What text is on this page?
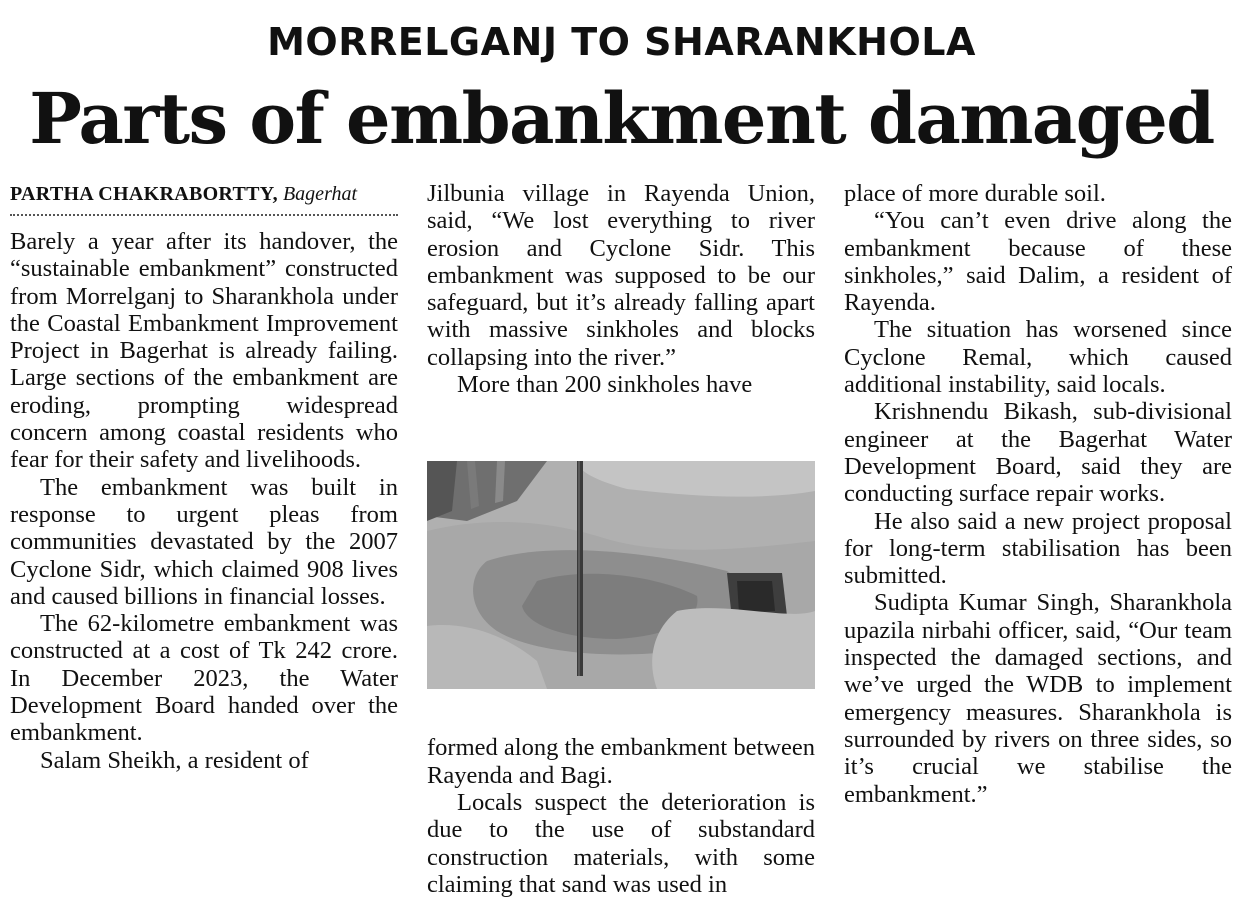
MORRELGANJ TO SHARANKHOLA
Parts of embankment damaged
PARTHA CHAKRABORTTY, Bagerhat

Barely a year after its handover, the “sustainable embankment” constructed from Morrelganj to Sharankhola under the Coastal Embankment Improvement Project in Bagerhat is already failing. Large sections of the embankment are eroding, prompting widespread concern among coastal residents who fear for their safety and livelihoods.

The embankment was built in response to urgent pleas from communities devastated by the 2007 Cyclone Sidr, which claimed 908 lives and caused billions in financial losses.

The 62-kilometre embankment was constructed at a cost of Tk 242 crore. In December 2023, the Water Development Board handed over the embankment.

Salam Sheikh, a resident of

Jilbunia village in Rayenda Union, said, “We lost everything to river erosion and Cyclone Sidr. This embankment was supposed to be our safeguard, but it’s already falling apart with massive sinkholes and blocks collapsing into the river.”

More than 200 sinkholes have

formed along the embankment between Rayenda and Bagi.

Locals suspect the deterioration is due to the use of substandard construction materials, with some claiming that sand was used in

place of more durable soil.

“You can’t even drive along the embankment because of these sinkholes,” said Dalim, a resident of Rayenda.

The situation has worsened since Cyclone Remal, which caused additional instability, said locals.

Krishnendu Bikash, sub-divisional engineer at the Bagerhat Water Development Board, said they are conducting surface repair works.

He also said a new project proposal for long-term stabilisation has been submitted.

Sudipta Kumar Singh, Sharankhola upazila nirbahi officer, said, “Our team inspected the damaged sections, and we’ve urged the WDB to implement emergency measures. Sharankhola is surrounded by rivers on three sides, so it’s crucial we stabilise the embankment.”
